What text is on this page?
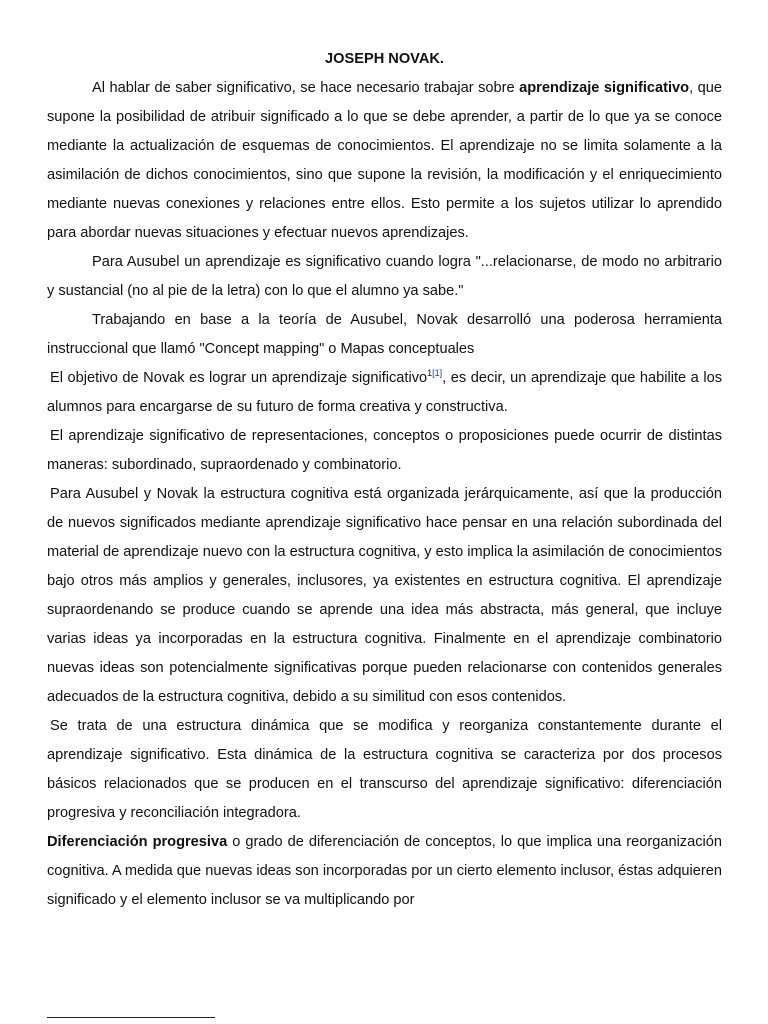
JOSEPH NOVAK.

Al hablar de saber significativo, se hace necesario trabajar sobre aprendizaje significativo, que supone la posibilidad de atribuir significado a lo que se debe aprender, a partir de lo que ya se conoce mediante la actualización de esquemas de conocimientos. El aprendizaje no se limita solamente a la asimilación de dichos conocimientos, sino que supone la revisión, la modificación y el enriquecimiento mediante nuevas conexiones y relaciones entre ellos. Esto permite a los sujetos utilizar lo aprendido para abordar nuevas situaciones y efectuar nuevos aprendizajes.

Para Ausubel un aprendizaje es significativo cuando logra "...relacionarse, de modo no arbitrario y sustancial (no al pie de la letra) con lo que el alumno ya sabe."

Trabajando en base a la teoría de Ausubel, Novak desarrolló una poderosa herramienta instruccional que llamó "Concept mapping" o Mapas conceptuales

El objetivo de Novak es lograr un aprendizaje significativo$^{1[1]}$, es decir, un aprendizaje que habilite a los alumnos para encargarse de su futuro de forma creativa y constructiva.

El aprendizaje significativo de representaciones, conceptos o proposiciones puede ocurrir de distintas maneras: subordinado, supraordenado y combinatorio.

Para Ausubel y Novak la estructura cognitiva está organizada jerárquicamente, así que la producción de nuevos significados mediante aprendizaje significativo hace pensar en una relación subordinada del material de aprendizaje nuevo con la estructura cognitiva, y esto implica la asimilación de conocimientos bajo otros más amplios y generales, inclusores, ya existentes en estructura cognitiva. El aprendizaje supraordenando se produce cuando se aprende una idea más abstracta, más general, que incluye varias ideas ya incorporadas en la estructura cognitiva. Finalmente en el aprendizaje combinatorio nuevas ideas son potencialmente significativas porque pueden relacionarse con contenidos generales adecuados de la estructura cognitiva, debido a su similitud con esos contenidos.

Se trata de una estructura dinámica que se modifica y reorganiza constantemente durante el aprendizaje significativo. Esta dinámica de la estructura cognitiva se caracteriza por dos procesos básicos relacionados que se producen en el transcurso del aprendizaje significativo: diferenciación progresiva y reconciliación integradora.

Diferenciación progresiva o grado de diferenciación de conceptos, lo que implica una reorganización cognitiva. A medida que nuevas ideas son incorporadas por un cierto elemento inclusor, éstas adquieren significado y el elemento inclusor se va multiplicando por
